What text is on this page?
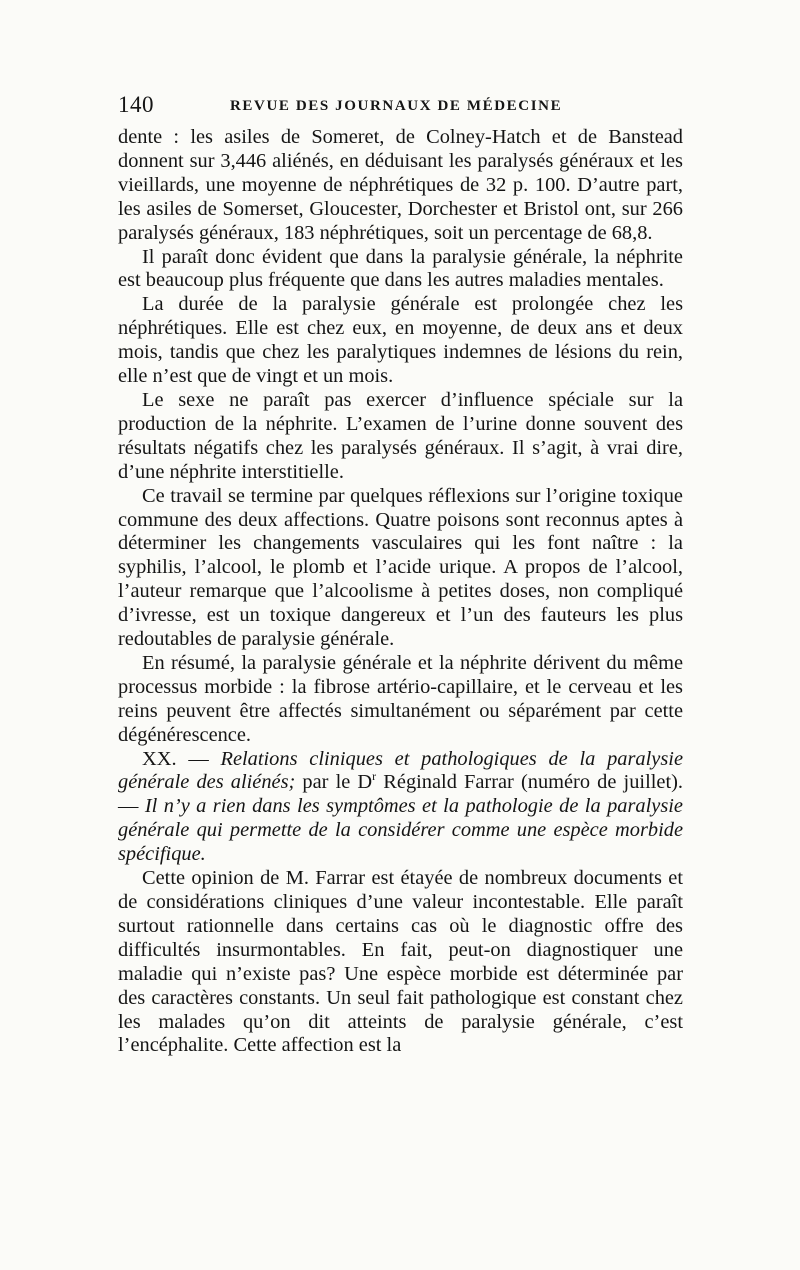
140	REVUE DES JOURNAUX DE MÉDECINE

dente : les asiles de Someret, de Colney-Hatch et de Banstead donnent sur 3,446 aliénés, en déduisant les paralysés généraux et les vieillards, une moyenne de néphrétiques de 32 p. 100. D’autre part, les asiles de Somerset, Gloucester, Dorchester et Bristol ont, sur 266 paralysés généraux, 183 néphrétiques, soit un percentage de 68,8.

Il paraît donc évident que dans la paralysie générale, la néphrite est beaucoup plus fréquente que dans les autres maladies mentales.

La durée de la paralysie générale est prolongée chez les néphrétiques. Elle est chez eux, en moyenne, de deux ans et deux mois, tandis que chez les paralytiques indemnes de lésions du rein, elle n’est que de vingt et un mois.

Le sexe ne paraît pas exercer d’influence spéciale sur la production de la néphrite. L’examen de l’urine donne souvent des résultats négatifs chez les paralysés généraux. Il s’agit, à vrai dire, d’une néphrite interstitielle.

Ce travail se termine par quelques réflexions sur l’origine toxique commune des deux affections. Quatre poisons sont reconnus aptes à déterminer les changements vasculaires qui les font naître : la syphilis, l’alcool, le plomb et l’acide urique. A propos de l’alcool, l’auteur remarque que l’alcoolisme à petites doses, non compliqué d’ivresse, est un toxique dangereux et l’un des fauteurs les plus redoutables de paralysie générale.

En résumé, la paralysie générale et la néphrite dérivent du même processus morbide : la fibrose artério-capillaire, et le cerveau et les reins peuvent être affectés simultanément ou séparément par cette dégénérescence.

XX. — Relations cliniques et pathologiques de la paralysie générale des aliénés; par le $D^r$ Réginald Farrar (numéro de juillet). — Il n’y a rien dans les symptômes et la pathologie de la paralysie générale qui permette de la considérer comme une espèce morbide spécifique.

Cette opinion de M. Farrar est étayée de nombreux documents et de considérations cliniques d’une valeur incontestable. Elle paraît surtout rationnelle dans certains cas où le diagnostic offre des difficultés insurmontables. En fait, peut-on diagnostiquer une maladie qui n’existe pas? Une espèce morbide est déterminée par des caractères constants. Un seul fait pathologique est constant chez les malades qu’on dit atteints de paralysie générale, c’est l’encéphalite. Cette affection est la
